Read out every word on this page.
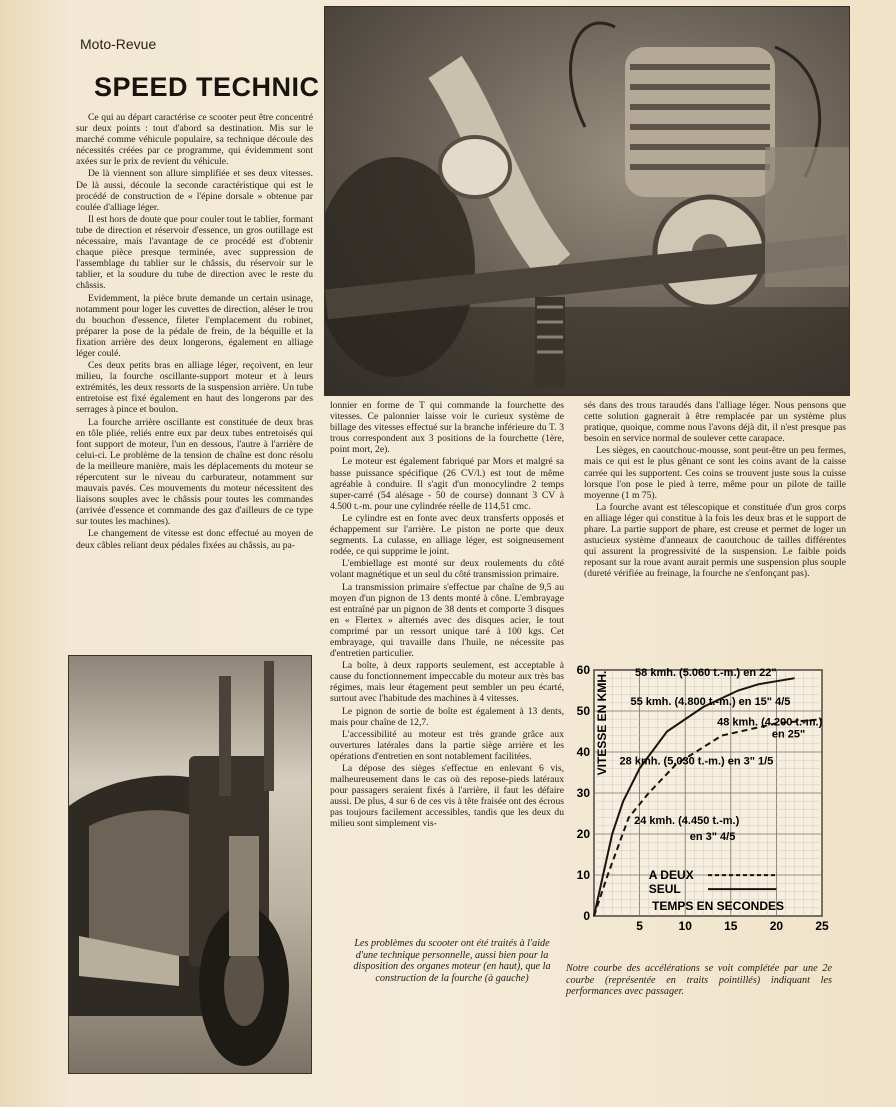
Moto-Revue
SPEED TECHNIC

Ce qui au départ caractérise ce scooter peut être concentré sur deux points : tout d'abord sa destination. Mis sur le marché comme véhicule populaire, sa technique découle des nécessités créées par ce programme, qui évidemment sont axées sur le prix de revient du véhicule.

De là viennent son allure simplifiée et ses deux vitesses. De là aussi, découle la seconde caractéristique qui est le procédé de construction de « l'épine dorsale » obtenue par coulée d'alliage léger.

Il est hors de doute que pour couler tout le tablier, formant tube de direction et réservoir d'essence, un gros outillage est nécessaire, mais l'avantage de ce procédé est d'obtenir chaque pièce presque terminée, avec suppression de l'assemblage du tablier sur le châssis, du réservoir sur le tablier, et la soudure du tube de direction avec le reste du châssis.

Evidemment, la pièce brute demande un certain usinage, notamment pour loger les cuvettes de direction, aléser le trou du bouchon d'essence, fileter l'emplacement du robinet, préparer la pose de la pédale de frein, de la béquille et la fixation arrière des deux longerons, également en alliage léger coulé.

Ces deux petits bras en alliage léger, reçoivent, en leur milieu, la fourche oscillante-support moteur et à leurs extrémités, les deux ressorts de la suspension arrière. Un tube entretoise est fixé également en haut des longerons par des serrages à pince et boulon.

La fourche arrière oscillante est constituée de deux bras en tôle pliée, reliés entre eux par deux tubes entretoisés qui font support de moteur, l'un en dessous, l'autre à l'arrière de celui-ci. Le problème de la tension de chaîne est donc résolu de la meilleure manière, mais les déplacements du moteur se répercutent sur le niveau du carburateur, notamment sur mauvais pavés. Ces mouvements du moteur nécessitent des liaisons souples avec le châssis pour toutes les commandes (arrivée d'essence et commande des gaz d'ailleurs de ce type sur toutes les machines).

Le changement de vitesse est donc effectué au moyen de deux câbles reliant deux pédales fixées au châssis, au pa-

lonnier en forme de T qui commande la fourchette des vitesses. Ce palonnier laisse voir le curieux système de billage des vitesses effectué sur la branche inférieure du T. 3 trous correspondent aux 3 positions de la fourchette (1ère, point mort, 2e).

Le moteur est également fabriqué par Mors et malgré sa basse puissance spécifique (26 CV/l.) est tout de même agréable à conduire. Il s'agit d'un monocylindre 2 temps super-carré (54 alésage - 50 de course) donnant 3 CV à 4.500 t.-m. pour une cylindrée réelle de 114,51 cmc.

Le cylindre est en fonte avec deux transferts opposés et échappement sur l'arrière. Le piston ne porte que deux segments. La culasse, en alliage léger, est soigneusement rodée, ce qui supprime le joint.

L'embiellage est monté sur deux roulements du côté volant magnétique et un seul du côté transmission primaire.

La transmission primaire s'effectue par chaîne de 9,5 au moyen d'un pignon de 13 dents monté à cône. L'embrayage est entraîné par un pignon de 38 dents et comporte 3 disques en « Flertex » alternés avec des disques acier, le tout comprimé par un ressort unique taré à 100 kgs. Cet embrayage, qui travaille dans l'huile, ne nécessite pas d'entretien particulier.

La boîte, à deux rapports seulement, est acceptable à cause du fonctionnement impeccable du moteur aux très bas régimes, mais leur étagement peut sembler un peu écarté, surtout avec l'habitude des machines à 4 vitesses.

Le pignon de sortie de boîte est également à 13 dents, mais pour chaîne de 12,7.

L'accessibilité au moteur est très grande grâce aux ouvertures latérales dans la partie siège arrière et les opérations d'entretien en sont notablement facilitées.

La dépose des sièges s'effectue en enlevant 6 vis, malheureusement dans le cas où des repose-pieds latéraux pour passagers seraient fixés à l'arrière, il faut les défaire aussi. De plus, 4 sur 6 de ces vis à tête fraisée ont des écrous pas toujours facilement accessibles, tandis que les deux du milieu sont simplement vis-

sés dans des trous taraudés dans l'alliage léger. Nous pensons que cette solution gagnerait à être remplacée par un système plus pratique, quoique, comme nous l'avons déjà dit, il n'est presque pas besoin en service normal de soulever cette carapace.

Les sièges, en caoutchouc-mousse, sont peut-être un peu fermes, mais ce qui est le plus gênant ce sont les coins avant de la caisse carrée qui les supportent. Ces coins se trouvent juste sous la cuisse lorsque l'on pose le pied à terre, même pour un pilote de taille moyenne (1 m 75).

La fourche avant est télescopique et constituée d'un gros corps en alliage léger qui constitue à la fois les deux bras et le support de phare. La partie support de phare, est creuse et permet de loger un astucieux système d'anneaux de caoutchouc de tailles différentes qui assurent la progressivité de la suspension. Le faible poids reposant sur la roue avant aurait permis une suspension plus souple (dureté vérifiée au freinage, la fourche ne s'enfonçant pas).

5	10	15	20	25
0
10
20
30
40
50
60
TEMPS EN SECONDES
VITESSE EN KMH. 58 kmh. (5.060 t.-m.) en 22"
55 kmh. (4.800 t.-m.) en 15" 4/5
48 kmh. (4.200 t.-m.)
en 25"
28 kmh. (5.030 t.-m.) en 3" 1/5
24 kmh. (4.450 t.-m.)
en 3" 4/5
A DEUX
SEUL
Les problèmes du scooter ont été traités à l'aide d'une technique personnelle, aussi bien pour la disposition des organes moteur (en haut), que la construction de la fourche (à gauche)
Notre courbe des accélérations se voit complétée par une 2e courbe (représentée en traits pointillés) indiquant les performances avec passager.
